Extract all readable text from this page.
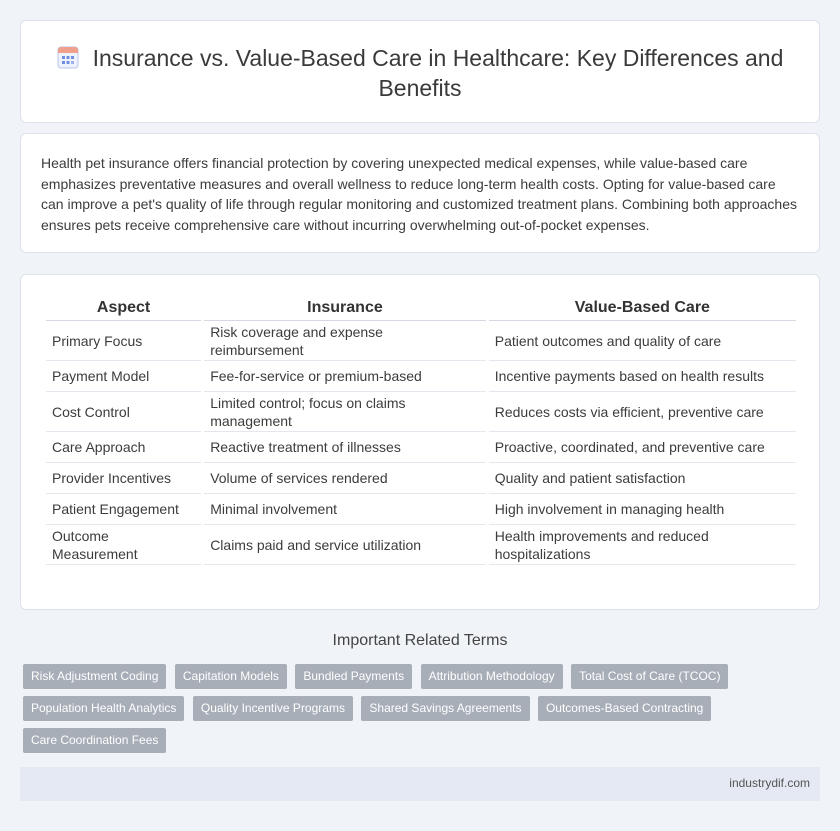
Insurance vs. Value-Based Care in Healthcare: Key Differences and Benefits

Health pet insurance offers financial protection by covering unexpected medical expenses, while value-based care emphasizes preventative measures and overall wellness to reduce long-term health costs. Opting for value-based care can improve a pet's quality of life through regular monitoring and customized treatment plans. Combining both approaches ensures pets receive comprehensive care without incurring overwhelming out-of-pocket expenses.

Aspect	Insurance	Value-Based Care
Primary Focus	Risk coverage and expense reimbursement	Patient outcomes and quality of care
Payment Model	Fee-for-service or premium-based	Incentive payments based on health results
Cost Control	Limited control; focus on claims management	Reduces costs via efficient, preventive care
Care Approach	Reactive treatment of illnesses	Proactive, coordinated, and preventive care
Provider Incentives	Volume of services rendered	Quality and patient satisfaction
Patient Engagement	Minimal involvement	High involvement in managing health
Outcome Measurement	Claims paid and service utilization	Health improvements and reduced hospitalizations
Important Related Terms
Risk Adjustment Coding Capitation Models Bundled Payments Attribution Methodology Total Cost of Care (TCOC) Population Health Analytics Quality Incentive Programs Shared Savings Agreements Outcomes-Based Contracting Care Coordination Fees
industrydif.com
